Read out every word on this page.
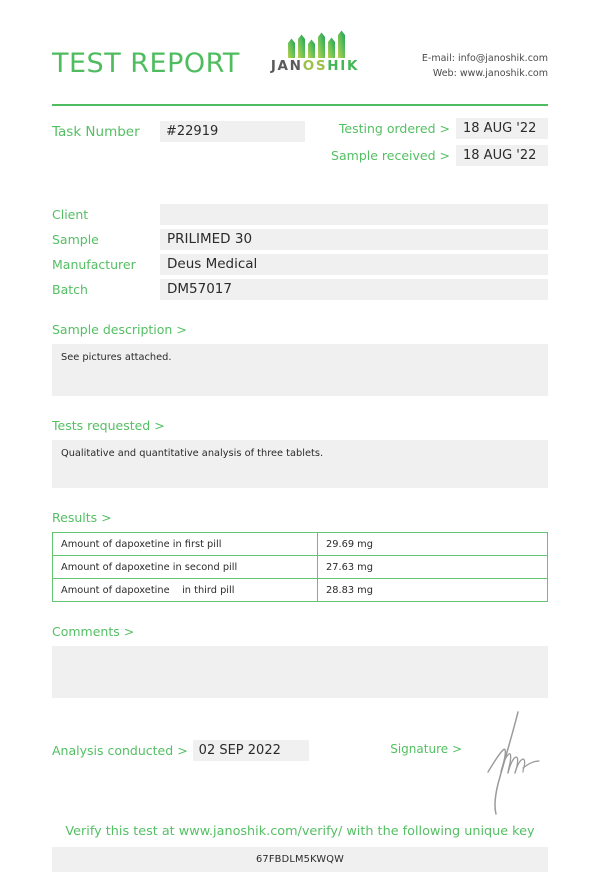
TEST REPORT	JANOSHIK	E-mail: info@janoshik.com
Web: www.janoshik.com
Task Number	#22919	Testing ordered >	18 AUG '22
Sample received >	18 AUG '22
Client
Sample	PRILIMED 30
Manufacturer	Deus Medical
Batch	DM57017
Sample description >
See pictures attached.
Tests requested >
Qualitative and quantitative analysis of three tablets.
Results >
Amount of dapoxetine in first pill	29.69 mg
Amount of dapoxetine in second pill	27.63 mg
Amount of dapoxetine    in third pill	28.83 mg
Comments >
Analysis conducted > 02 SEP 2022	Signature >
Verify this test at www.janoshik.com/verify/ with the following unique key
67FBDLM5KWQW
